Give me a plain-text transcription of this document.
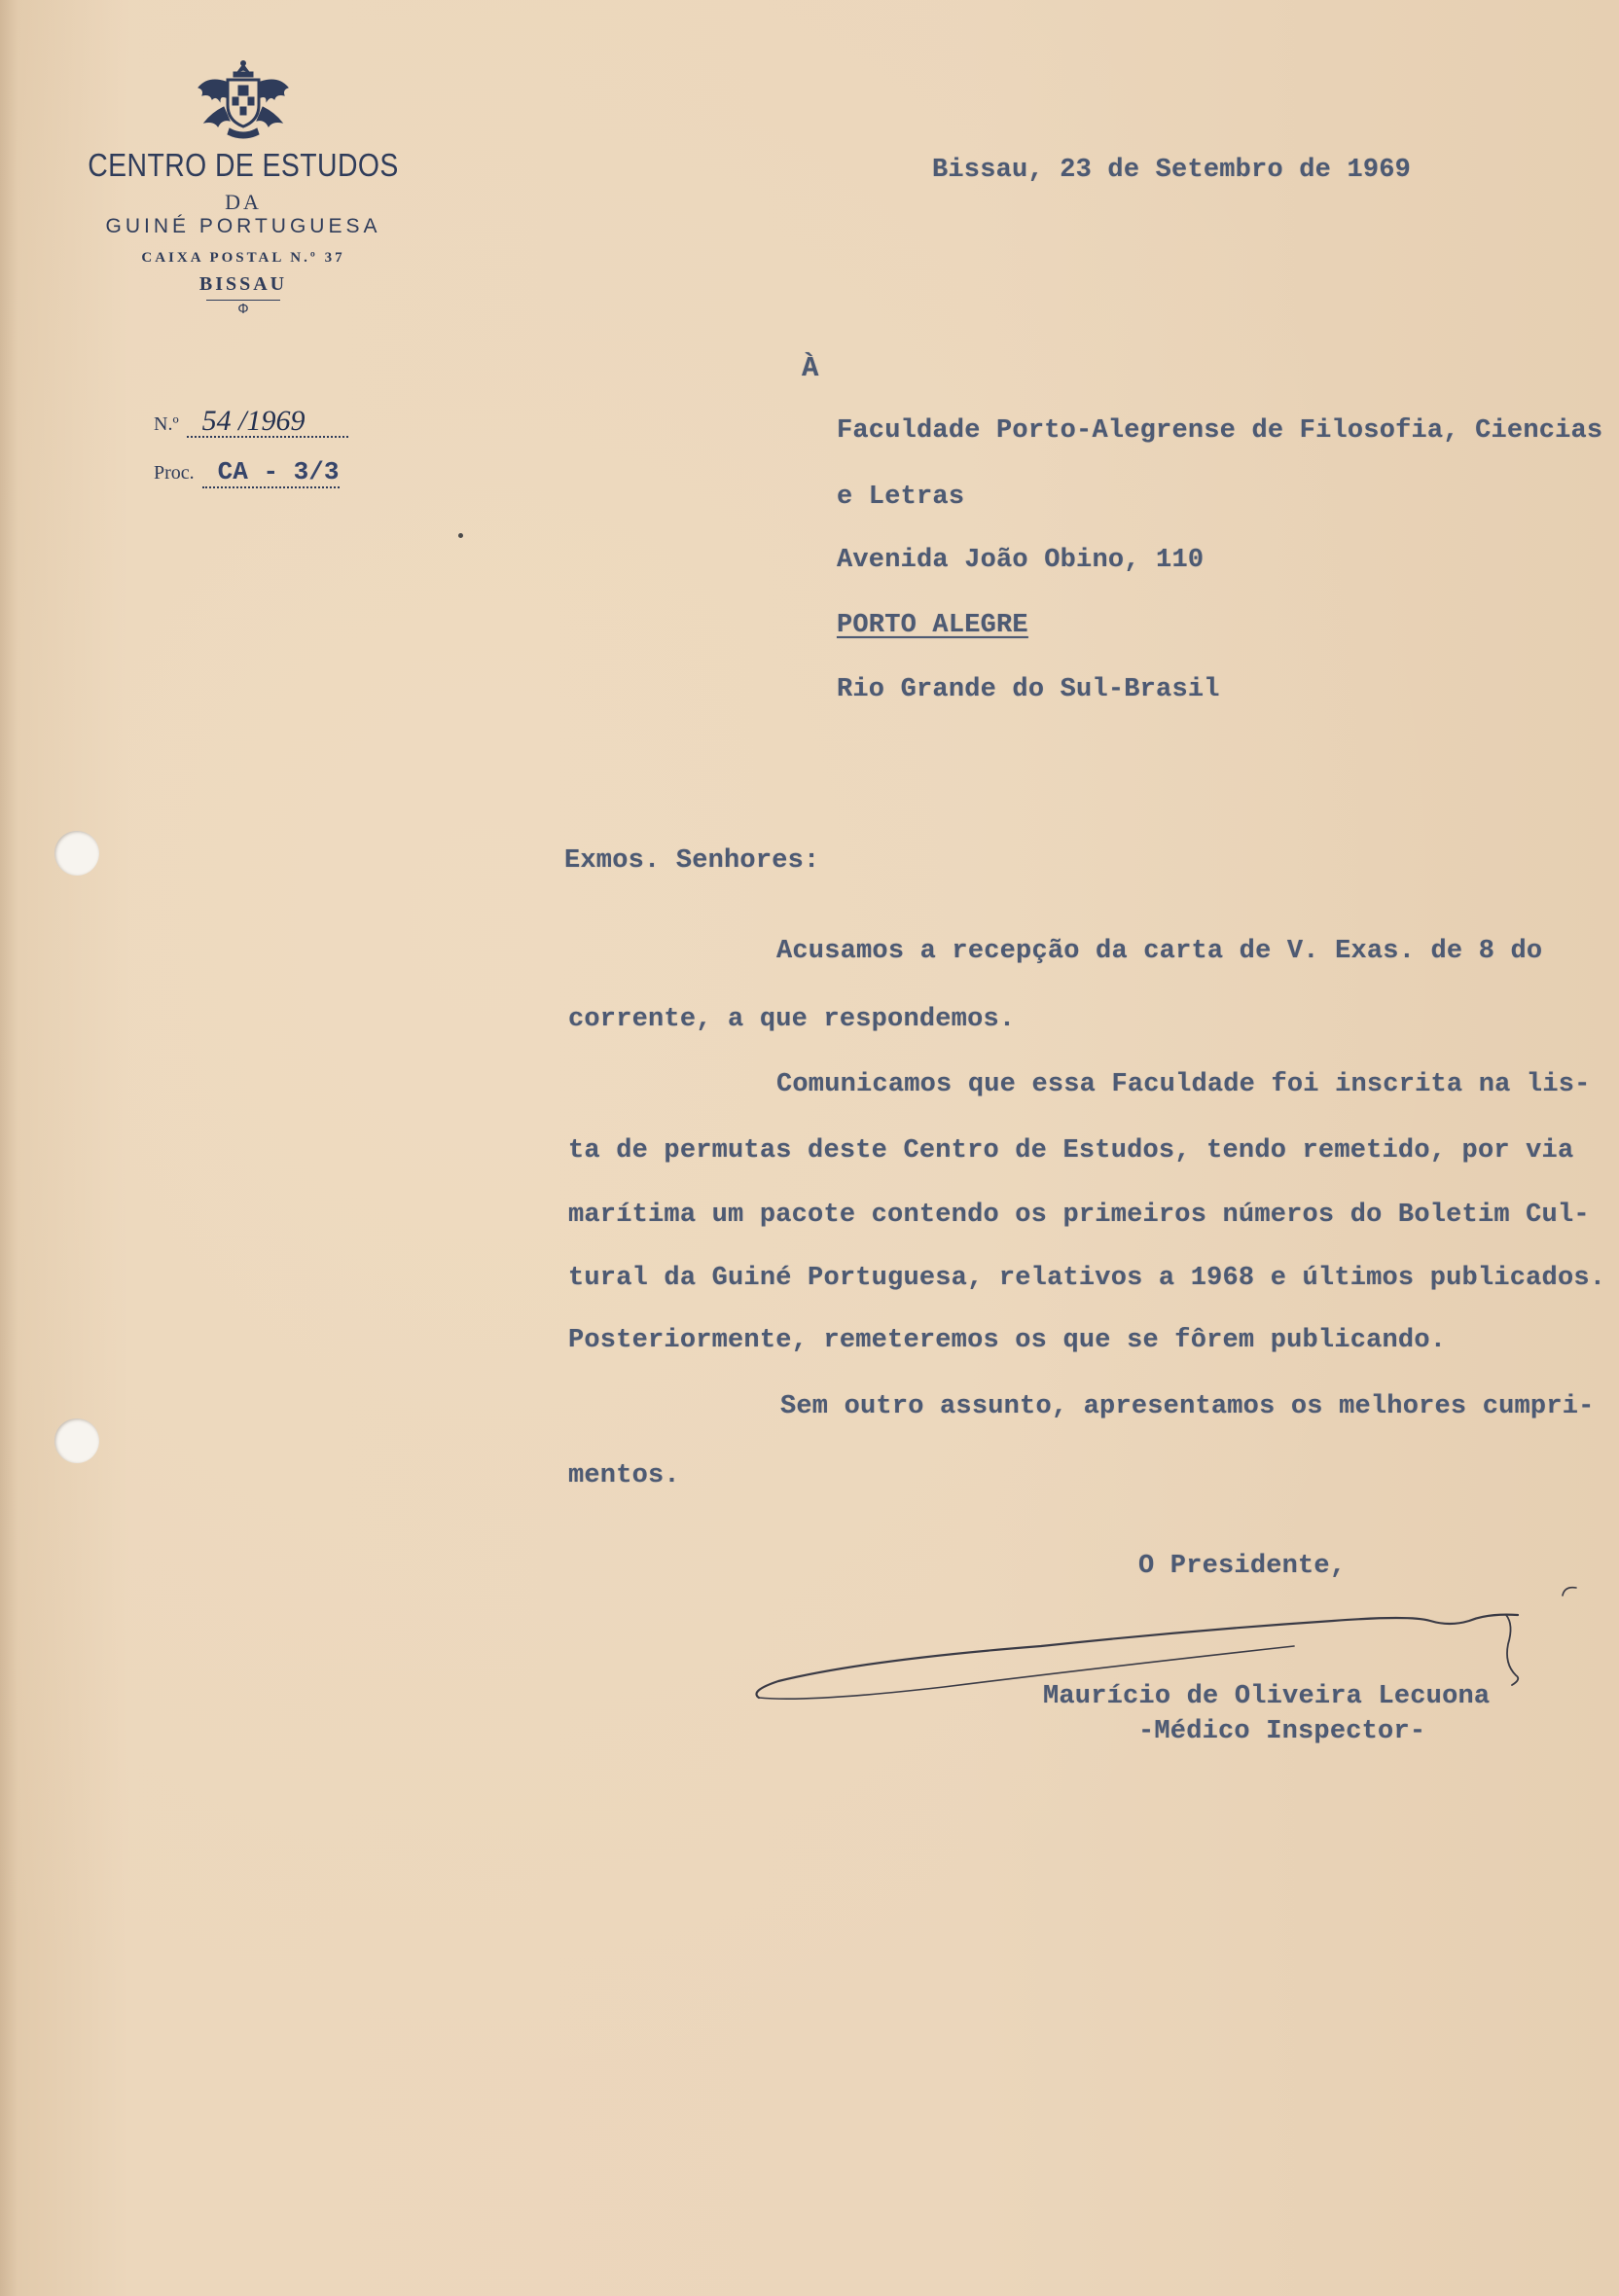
CENTRO DE ESTUDOS
DA
GUINÉ PORTUGUESA
CAIXA POSTAL N.º 37
BISSAU
Ф
N.º 54 /1969
Proc. CA - 3/3
Bissau, 23 de Setembro de 1969
À
Faculdade Porto-Alegrense de Filosofia, Ciencias
e Letras
Avenida João Obino, 110
PORTO ALEGRE
Rio Grande do Sul-Brasil
Exmos. Senhores:
Acusamos a recepção da carta de V. Exas. de 8 do
corrente, a que respondemos.
Comunicamos que essa Faculdade foi inscrita na lis-
ta de permutas deste Centro de Estudos, tendo remetido, por via
marítima um pacote contendo os primeiros números do Boletim Cul-
tural da Guiné Portuguesa, relativos a 1968 e últimos publicados.
Posteriormente, remeteremos os que se fôrem publicando.
Sem outro assunto, apresentamos os melhores cumpri-
mentos.
O Presidente,
Maurício de Oliveira Lecuona
-Médico Inspector-
